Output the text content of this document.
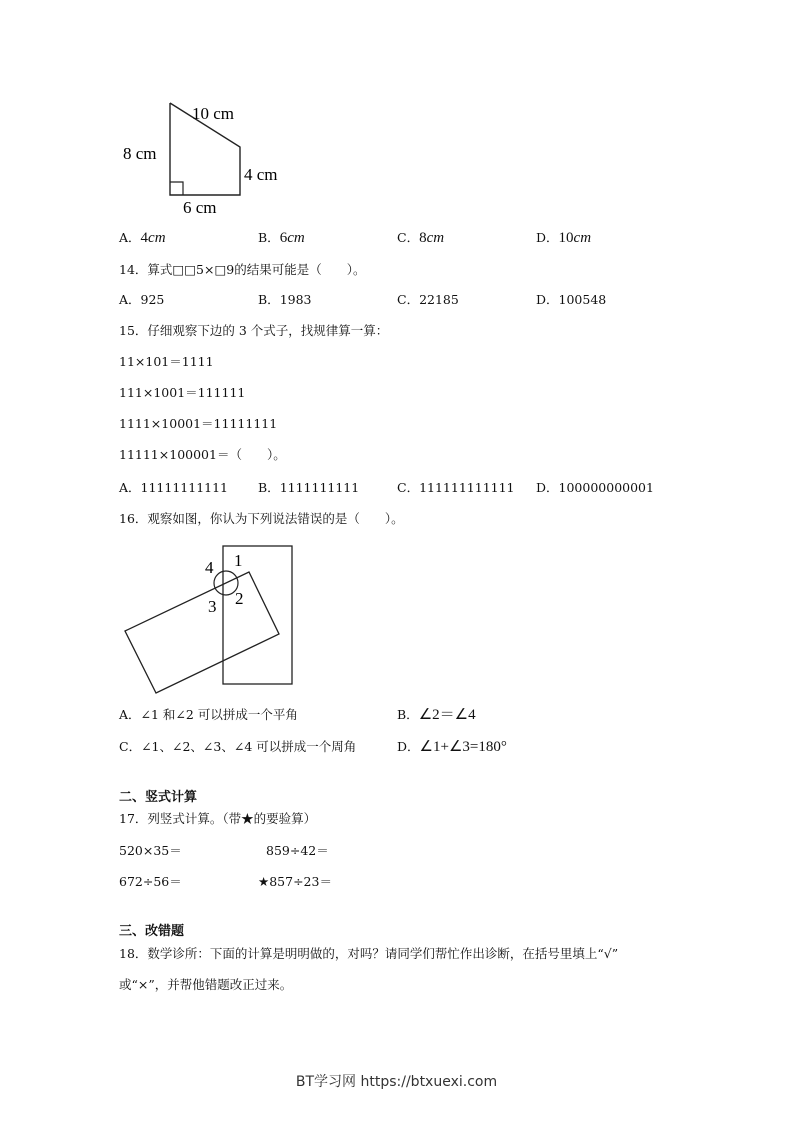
10 cm
8 cm
4 cm
6 cm
A．4cm	B．6cm	C．8cm	D．10cm
14．算式□□5×□9的结果可能是（　　）。
A．925	B．1983	C．22185	D．100548
15．仔细观察下边的 3 个式子，找规律算一算：
11×101＝1111
111×1001＝111111
1111×10001＝11111111
11111×100001＝（　　）。
A．11111111111 B．1111111111	C．111111111111 D．100000000001
16．观察如图，你认为下列说法错误的是（　　）。
1
2
3
4
A．∠1 和∠2 可以拼成一个平角	B．∠2＝∠4
C．∠1、∠2、∠3、∠4 可以拼成一个周角	D．∠1+∠3=180°
二、竖式计算
17．列竖式计算。（带★的要验算）
520×35＝	859÷42＝
672÷56＝	★857÷23＝
三、改错题
18．数学诊所：下面的计算是明明做的，对吗？请同学们帮忙作出诊断，在括号里填上“√”
或“×”，并帮他错题改正过来。
BT学习网 https://btxuexi.com
